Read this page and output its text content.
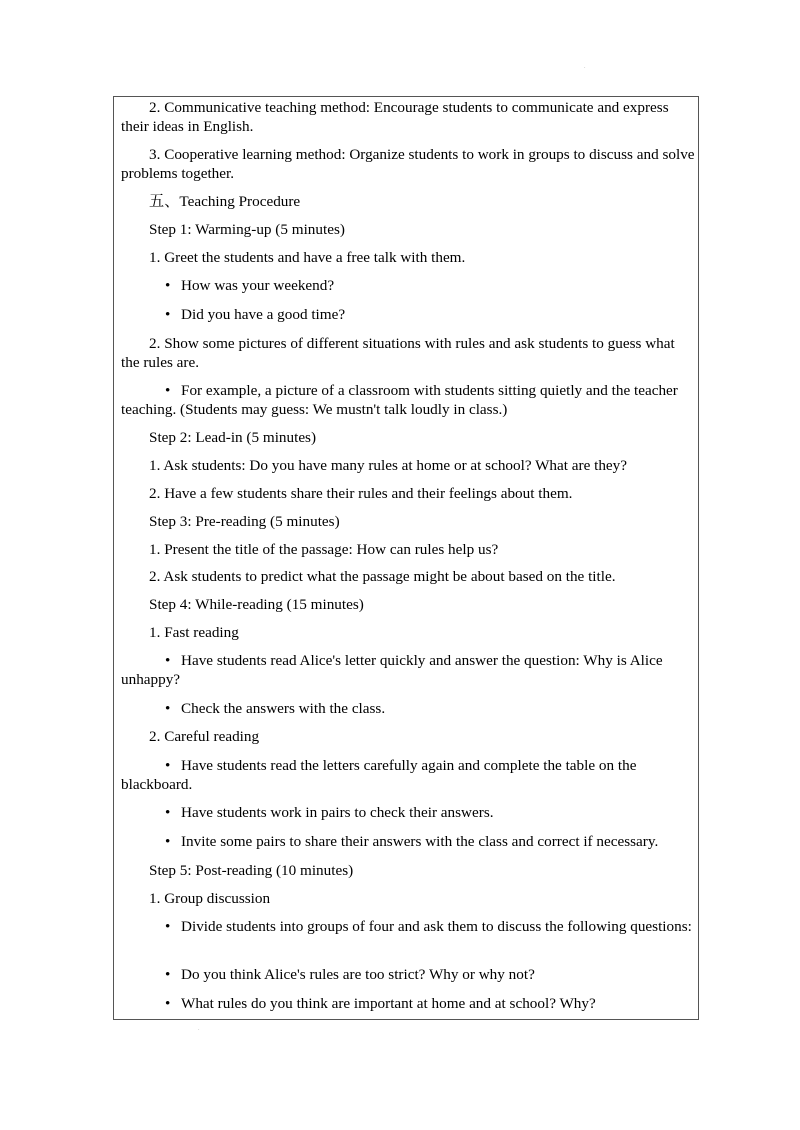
.
.

2. Communicative teaching method: Encourage students to communicate and express their ideas in English.

3. Cooperative learning method: Organize students to work in groups to discuss and solve problems together.

五、Teaching Procedure

Step 1: Warming-up (5 minutes)

1. Greet the students and have a free talk with them.

• How was your weekend?

• Did you have a good time?

2. Show some pictures of different situations with rules and ask students to guess what the rules are.

• For example, a picture of a classroom with students sitting quietly and the teacher teaching. (Students may guess: We mustn't talk loudly in class.)

Step 2: Lead-in (5 minutes)

1. Ask students: Do you have many rules at home or at school? What are they?

2. Have a few students share their rules and their feelings about them.

Step 3: Pre-reading (5 minutes)

1. Present the title of the passage: How can rules help us?

2. Ask students to predict what the passage might be about based on the title.

Step 4: While-reading (15 minutes)

1. Fast reading

• Have students read Alice's letter quickly and answer the question: Why is Alice unhappy?

• Check the answers with the class.

2. Careful reading

• Have students read the letters carefully again and complete the table on the blackboard.

• Have students work in pairs to check their answers.

• Invite some pairs to share their answers with the class and correct if necessary.

Step 5: Post-reading (10 minutes)

1. Group discussion

• Divide students into groups of four and ask them to discuss the following questions:

• Do you think Alice's rules are too strict? Why or why not?

• What rules do you think are important at home and at school? Why?
